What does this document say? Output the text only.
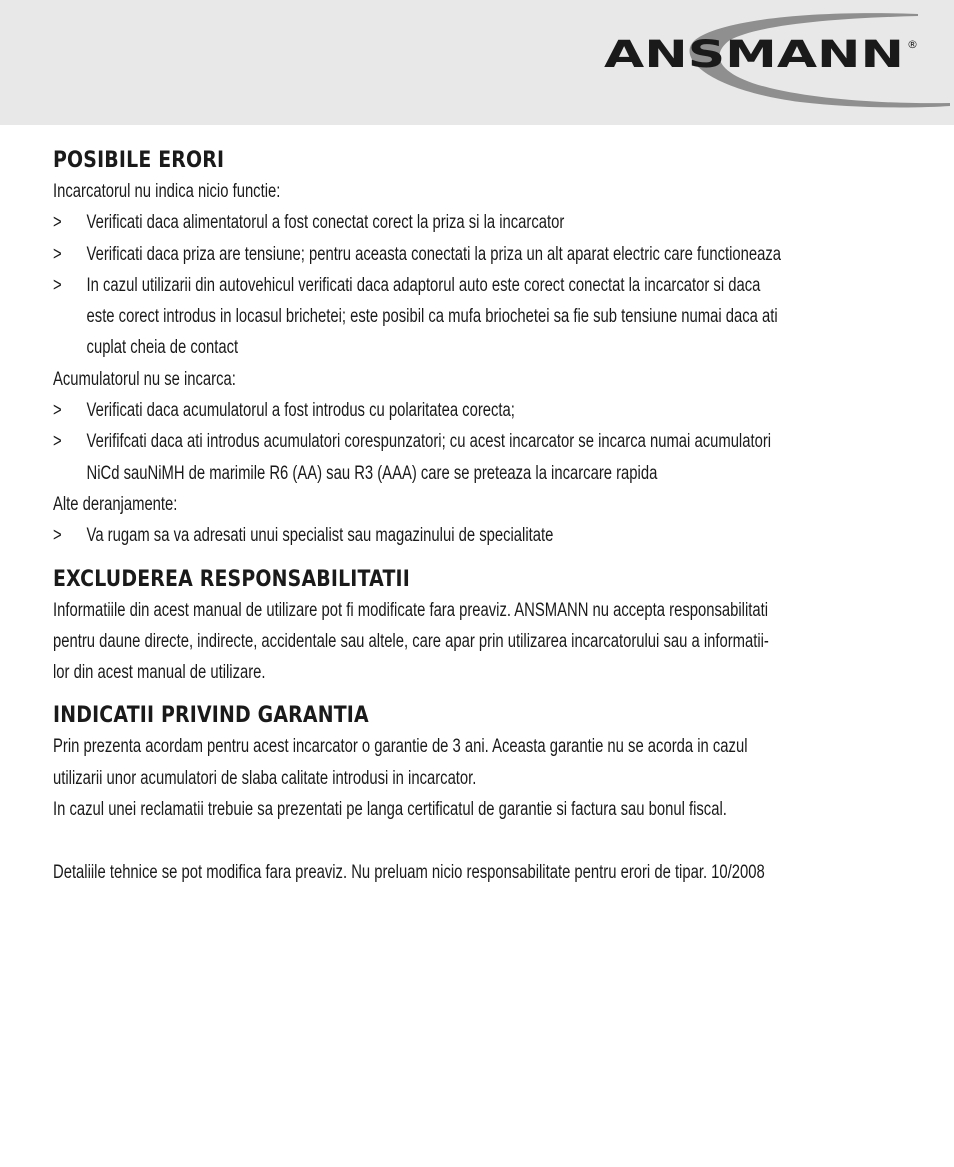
ANSMANN ®
POSIBILE ERORI
Incarcatorul nu indica nicio functie:
> Verificati daca alimentatorul a fost conectat corect la priza si la incarcator
> Verificati daca priza are tensiune; pentru aceasta conectati la priza un alt aparat electric care functioneaza
> In cazul utilizarii din autovehicul verificati daca adaptorul auto este corect conectat la incarcator si daca
este corect introdus in locasul brichetei; este posibil ca mufa briochetei sa fie sub tensiune numai daca ati
cuplat cheia de contact
Acumulatorul nu se incarca:
> Verificati daca acumulatorul a fost introdus cu polaritatea corecta;
> Verififcati daca ati introdus acumulatori corespunzatori; cu acest incarcator se incarca numai acumulatori
NiCd sauNiMH de marimile R6 (AA) sau R3 (AAA) care se preteaza la incarcare rapida
Alte deranjamente:
> Va rugam sa va adresati unui specialist sau magazinului de specialitate
EXCLUDEREA RESPONSABILITATII
Informatiile din acest manual de utilizare pot fi modificate fara preaviz. ANSMANN nu accepta responsabilitati
pentru daune directe, indirecte, accidentale sau altele, care apar prin utilizarea incarcatorului sau a informatii-
lor din acest manual de utilizare.
INDICATII PRIVIND GARANTIA
Prin prezenta acordam pentru acest incarcator o garantie de 3 ani. Aceasta garantie nu se acorda in cazul
utilizarii unor acumulatori de slaba calitate introdusi in incarcator.
In cazul unei reclamatii trebuie sa prezentati pe langa certificatul de garantie si factura sau bonul fiscal.
Detaliile tehnice se pot modifica fara preaviz. Nu preluam nicio responsabilitate pentru erori de tipar. 10/2008
